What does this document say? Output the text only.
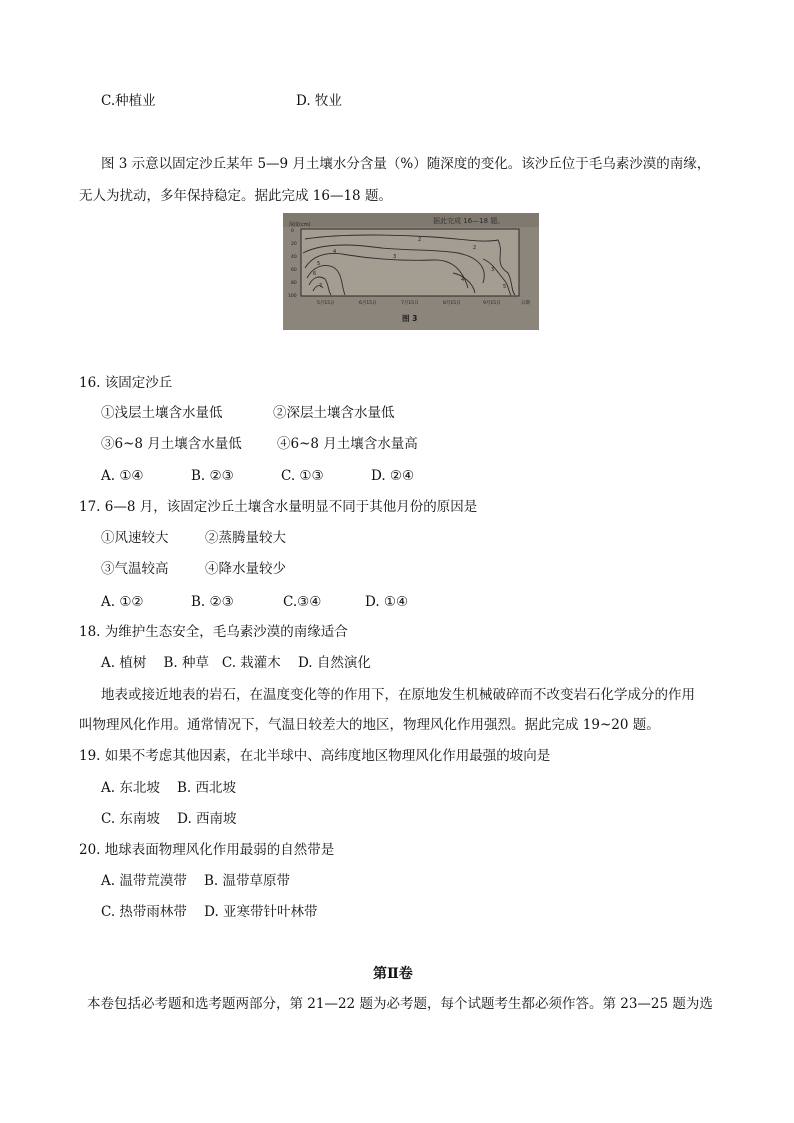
C.种植业	D. 牧业
图 3 示意以固定沙丘某年 5—9 月土壤水分含量（%）随深度的变化。该沙丘位于毛乌素沙漠的南缘，
无人为扰动，多年保持稳定。据此完成 16—18 题。
据此完成 16—18 题。
深度(cm)
0
20
40
60
80
100
2
3
4
5
6
7
2
3
4
5
5月15日	6月15日	7月15日	8月15日	9月15日	日期
图 3
16. 该固定沙丘
①浅层土壤含水量低	②深层土壤含水量低
③6~8 月土壤含水量低	④6~8 月土壤含水量高
A. ①④	B. ②③	C. ①③	D. ②④
17. 6—8 月，该固定沙丘土壤含水量明显不同于其他月份的原因是
①风速较大	②蒸腾量较大
③气温较高	④降水量较少
A. ①②	B. ②③	C.③④	D. ①④
18. 为维护生态安全，毛乌素沙漠的南缘适合
A. 植树    B. 种草   C. 栽灌木    D. 自然演化
地表或接近地表的岩石，在温度变化等的作用下，在原地发生机械破碎而不改变岩石化学成分的作用
叫物理风化作用。通常情况下，气温日较差大的地区，物理风化作用强烈。据此完成 19~20 题。
19. 如果不考虑其他因素，在北半球中、高纬度地区物理风化作用最强的坡向是
A. 东北坡    B. 西北坡
C. 东南坡    D. 西南坡
20. 地球表面物理风化作用最弱的自然带是
A. 温带荒漠带    B. 温带草原带
C. 热带雨林带    D. 亚寒带针叶林带
第Ⅱ卷
本卷包括必考题和选考题两部分，第 21—22 题为必考题，每个试题考生都必须作答。第 23—25 题为选
